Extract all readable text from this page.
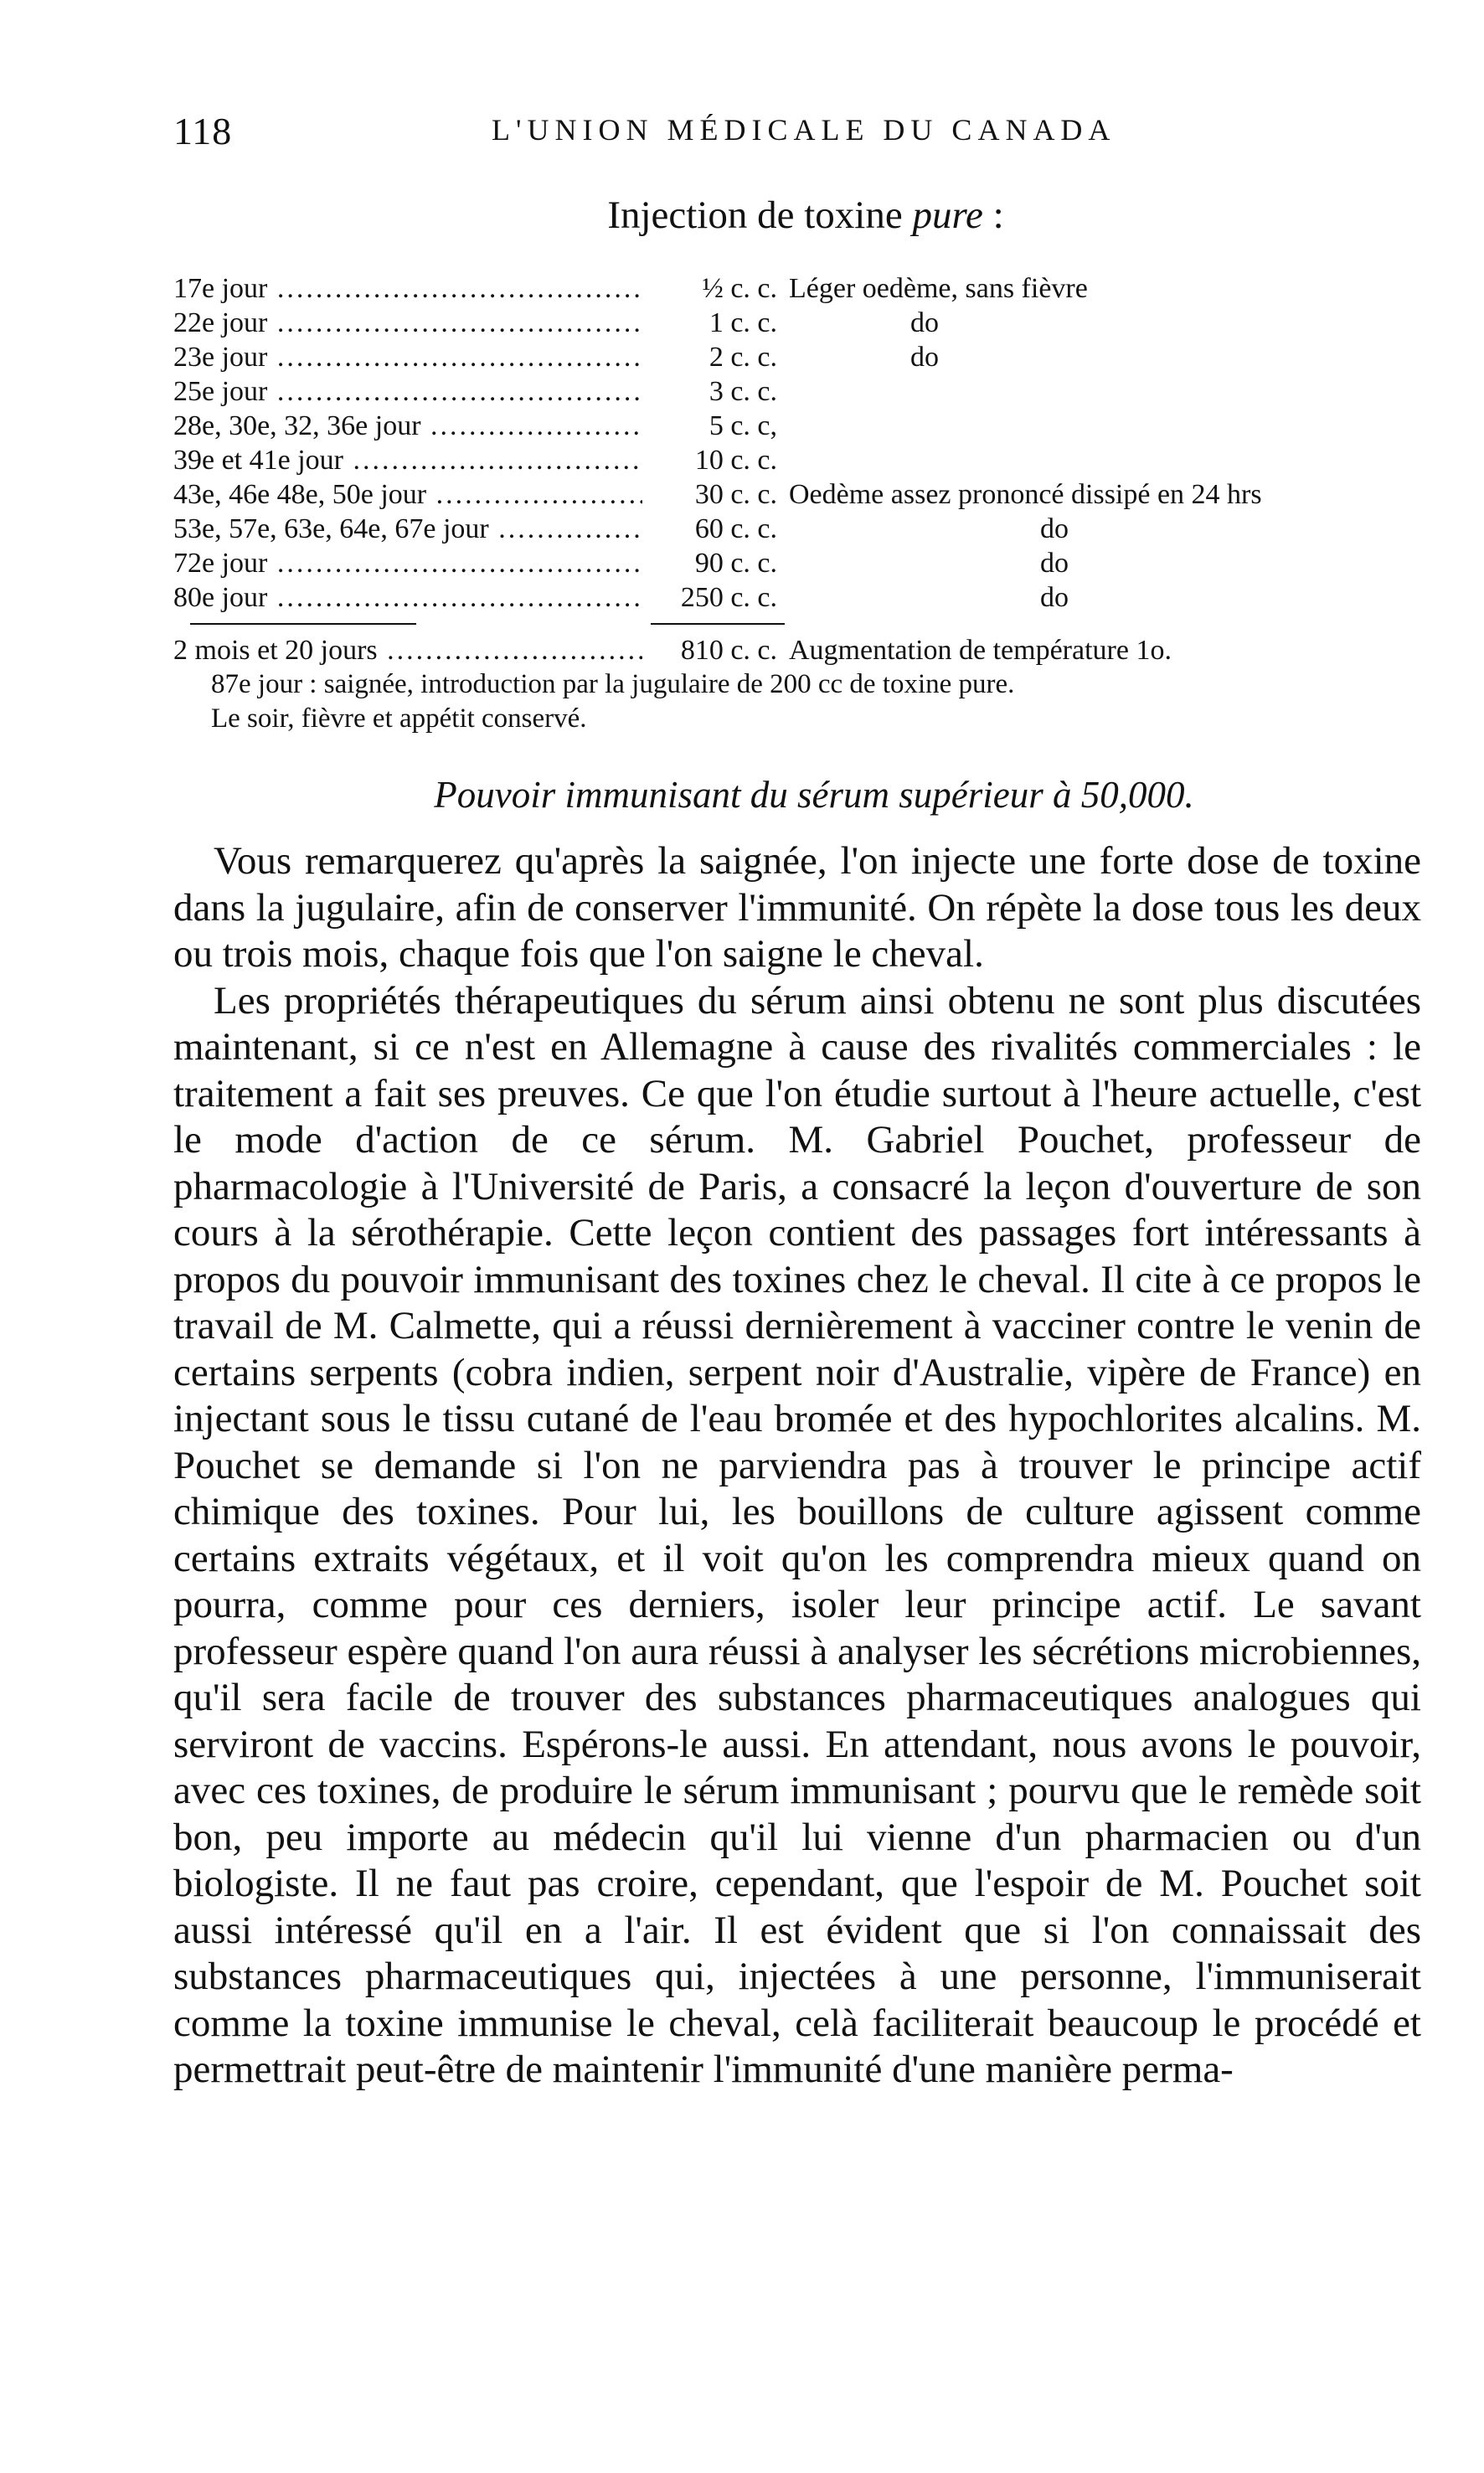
118	L'UNION MÉDICALE DU CANADA
Injection de toxine pure :
17e jour .....	½ c. c. Léger oedème, sans fièvre
22e jour .....	1 c. c.	do
23e jour .....	2 c. c.	do
25e jour .....	3 c. c.
28e, 30e, 32, 36e jour .....	5 c. c,
39e et 41e jour .....	10 c. c.
43e, 46e 48e, 50e jour .....	30 c. c. Oedème assez prononcé dissipé en 24 hrs
53e, 57e, 63e, 64e, 67e jour .....	60 c. c.	do
72e jour .....	90 c. c.	do
80e jour .....	250 c. c.	do
2 mois et 20 jours .....	810 c. c. Augmentation de température 1o.
87e jour : saignée, introduction par la jugulaire de 200 cc de toxine pure.
Le soir, fièvre et appétit conservé.
Pouvoir immunisant du sérum supérieur à 50,000.

Vous remarquerez qu'après la saignée, l'on injecte une forte dose de toxine dans la jugulaire, afin de conserver l'immunité. On répète la dose tous les deux ou trois mois, chaque fois que l'on saigne le cheval.

Les propriétés thérapeutiques du sérum ainsi obtenu ne sont plus discutées maintenant, si ce n'est en Allemagne à cause des rivalités commerciales : le traitement a fait ses preuves. Ce que l'on étudie surtout à l'heure actuelle, c'est le mode d'action de ce sérum. M. Gabriel Pouchet, professeur de pharmacologie à l'Université de Paris, a consacré la leçon d'ouverture de son cours à la sérothérapie. Cette leçon contient des passages fort intéressants à propos du pouvoir immunisant des toxines chez le cheval. Il cite à ce propos le travail de M. Calmette, qui a réussi dernièrement à vacciner contre le venin de certains serpents (cobra indien, serpent noir d'Australie, vipère de France) en injectant sous le tissu cutané de l'eau bromée et des hypochlorites alcalins. M. Pouchet se demande si l'on ne parviendra pas à trouver le principe actif chimique des toxines. Pour lui, les bouillons de culture agissent comme certains extraits végétaux, et il voit qu'on les comprendra mieux quand on pourra, comme pour ces derniers, isoler leur principe actif. Le savant professeur espère quand l'on aura réussi à analyser les sécrétions microbiennes, qu'il sera facile de trouver des substances pharmaceutiques analogues qui serviront de vaccins. Espérons-le aussi. En attendant, nous avons le pouvoir, avec ces toxines, de produire le sérum immunisant ; pourvu que le remède soit bon, peu importe au médecin qu'il lui vienne d'un pharmacien ou d'un biologiste. Il ne faut pas croire, cependant, que l'espoir de M. Pouchet soit aussi intéressé qu'il en a l'air. Il est évident que si l'on connaissait des substances pharmaceutiques qui, injectées à une personne, l'immuniserait comme la toxine immunise le cheval, celà faciliterait beaucoup le procédé et permettrait peut-être de maintenir l'immunité d'une manière perma-
